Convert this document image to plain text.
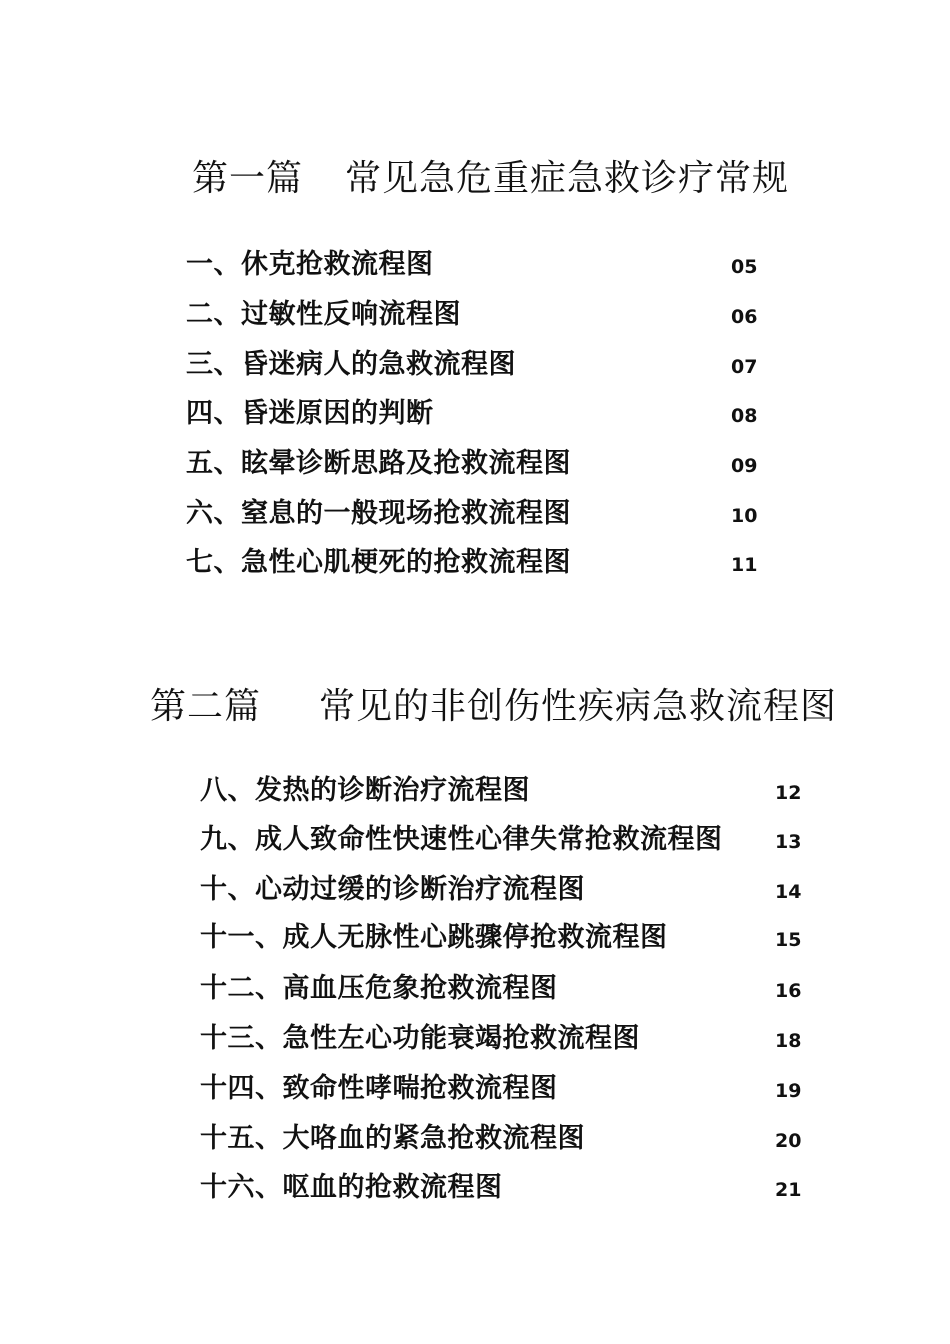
第一篇 常见急危重症急救诊疗常规
一、休克抢救流程图	05
二、过敏性反响流程图	06
三、昏迷病人的急救流程图	07
四、昏迷原因的判断	08
五、眩晕诊断思路及抢救流程图	09
六、窒息的一般现场抢救流程图	10
七、急性心肌梗死的抢救流程图	11
第二篇 常见的非创伤性疾病急救流程图
八、发热的诊断治疗流程图	12
九、成人致命性快速性心律失常抢救流程图	13
十、心动过缓的诊断治疗流程图	14
十一、成人无脉性心跳骤停抢救流程图	15
十二、高血压危象抢救流程图	16
十三、急性左心功能衰竭抢救流程图	18
十四、致命性哮喘抢救流程图	19
十五、大咯血的紧急抢救流程图	20
十六、呕血的抢救流程图	21
